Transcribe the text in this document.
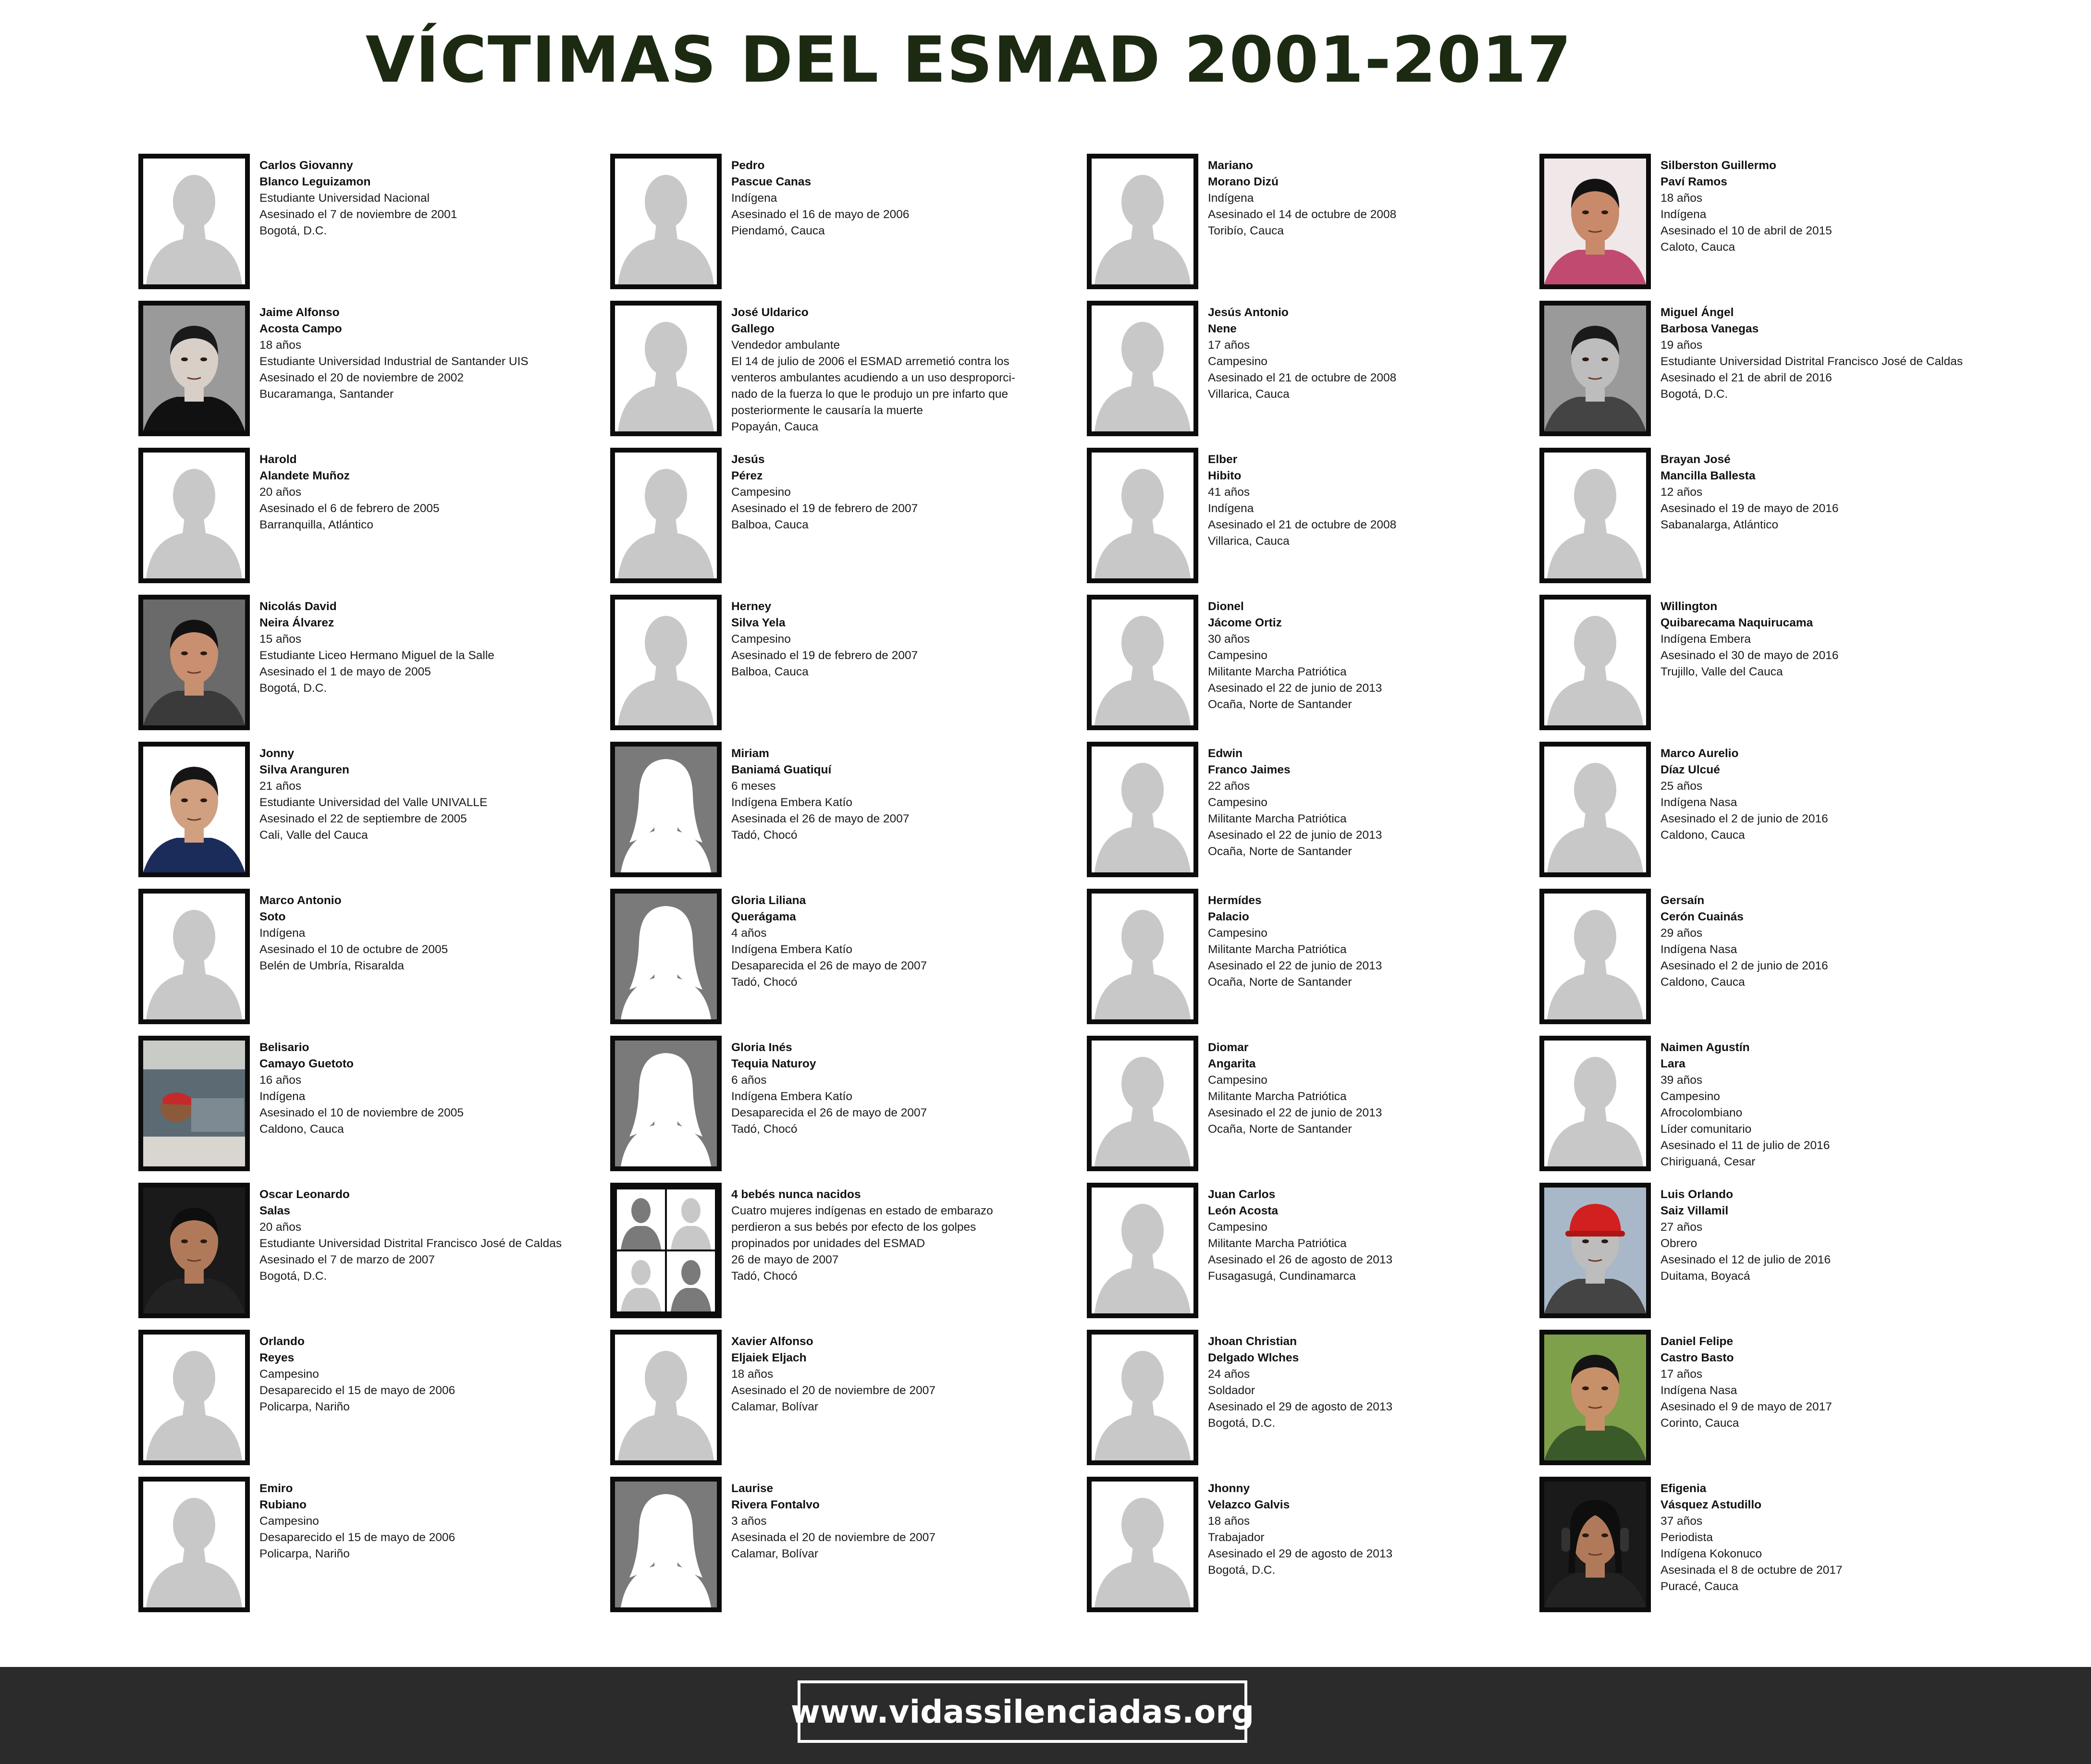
VÍCTIMAS DEL ESMAD 2001-2017
Carlos Giovanny
Blanco Leguizamon
Estudiante Universidad Nacional
Asesinado el 7 de noviembre de 2001
Bogotá, D.C.
Jaime Alfonso
Acosta Campo
18 años
Estudiante Universidad Industrial de Santander UIS
Asesinado el 20 de noviembre de 2002
Bucaramanga, Santander
Harold
Alandete Muñoz
20 años
Asesinado el 6 de febrero de 2005
Barranquilla, Atlántico
Nicolás David
Neira Álvarez
15 años
Estudiante Liceo Hermano Miguel de la Salle
Asesinado el 1 de mayo de 2005
Bogotá, D.C.
Jonny
Silva Aranguren
21 años
Estudiante Universidad del Valle UNIVALLE
Asesinado el 22 de septiembre de 2005
Cali, Valle del Cauca
Marco Antonio
Soto
Indígena
Asesinado el 10 de octubre de 2005
Belén de Umbría, Risaralda
Belisario
Camayo Guetoto
16 años
Indígena
Asesinado el 10 de noviembre de 2005
Caldono, Cauca
Oscar Leonardo
Salas
20 años
Estudiante Universidad Distrital Francisco José de Caldas
Asesinado el 7 de marzo de 2007
Bogotá, D.C.
Orlando
Reyes
Campesino
Desaparecido el 15 de mayo de 2006
Policarpa, Nariño
Emiro
Rubiano
Campesino
Desaparecido el 15 de mayo de 2006
Policarpa, Nariño
Pedro
Pascue Canas
Indígena
Asesinado el 16 de mayo de 2006
Piendamó, Cauca
José Uldarico
Gallego
Vendedor ambulante
El 14 de julio de 2006 el ESMAD arremetió contra los
venteros ambulantes acudiendo a un uso desproporci-
nado de la fuerza lo que le produjo un pre infarto que
posteriormente le causaría la muerte
Popayán, Cauca
Jesús
Pérez
Campesino
Asesinado el 19 de febrero de 2007
Balboa, Cauca
Herney
Silva Yela
Campesino
Asesinado el 19 de febrero de 2007
Balboa, Cauca
Miriam
Baniamá Guatiquí
6 meses
Indígena Embera Katío
Asesinada el 26 de mayo de 2007
Tadó, Chocó
Gloria Liliana
Querágama
4 años
Indígena Embera Katío
Desaparecida el 26 de mayo de 2007
Tadó, Chocó
Gloria Inés
Tequia Naturoy
6 años
Indígena Embera Katío
Desaparecida el 26 de mayo de 2007
Tadó, Chocó
4 bebés nunca nacidos
Cuatro mujeres indígenas en estado de embarazo
perdieron a sus bebés por efecto de los golpes
propinados por unidades del ESMAD
26 de mayo de 2007
Tadó, Chocó
Xavier Alfonso
Eljaiek Eljach
18 años
Asesinado el 20 de noviembre de 2007
Calamar, Bolívar
Laurise
Rivera Fontalvo
3 años
Asesinada el 20 de noviembre de 2007
Calamar, Bolívar
Mariano
Morano Dizú
Indígena
Asesinado el 14 de octubre de 2008
Toribío, Cauca
Jesús Antonio
Nene
17 años
Campesino
Asesinado el 21 de octubre de 2008
Villarica, Cauca
Elber
Hibito
41 años
Indígena
Asesinado el 21 de octubre de 2008
Villarica, Cauca
Dionel
Jácome Ortiz
30 años
Campesino
Militante Marcha Patriótica
Asesinado el 22 de junio de 2013
Ocaña, Norte de Santander
Edwin
Franco Jaimes
22 años
Campesino
Militante Marcha Patriótica
Asesinado el 22 de junio de 2013
Ocaña, Norte de Santander
Hermídes
Palacio
Campesino
Militante Marcha Patriótica
Asesinado el 22 de junio de 2013
Ocaña, Norte de Santander
Diomar
Angarita
Campesino
Militante Marcha Patriótica
Asesinado el 22 de junio de 2013
Ocaña, Norte de Santander
Juan Carlos
León Acosta
Campesino
Militante Marcha Patriótica
Asesinado el 26 de agosto de 2013
Fusagasugá, Cundinamarca
Jhoan Christian
Delgado Wlches
24 años
Soldador
Asesinado el 29 de agosto de 2013
Bogotá, D.C.
Jhonny
Velazco Galvis
18 años
Trabajador
Asesinado el 29 de agosto de 2013
Bogotá, D.C.
Silberston Guillermo
Paví Ramos
18 años
Indígena
Asesinado el 10 de abril de 2015
Caloto, Cauca
Miguel Ángel
Barbosa Vanegas
19 años
Estudiante Universidad Distrital Francisco José de Caldas
Asesinado el 21 de abril de 2016
Bogotá, D.C.
Brayan José
Mancilla Ballesta
12 años
Asesinado el 19 de mayo de 2016
Sabanalarga, Atlántico
Willington
Quibarecama Naquirucama
Indígena Embera
Asesinado el 30 de mayo de 2016
Trujillo, Valle del Cauca
Marco Aurelio
Díaz Ulcué
25 años
Indígena Nasa
Asesinado el 2 de junio de 2016
Caldono, Cauca
Gersaín
Cerón Cuainás
29 años
Indígena Nasa
Asesinado el 2 de junio de 2016
Caldono, Cauca
Naimen Agustín
Lara
39 años
Campesino
Afrocolombiano
Líder comunitario
Asesinado el 11 de julio de 2016
Chiriguaná, Cesar
Luis Orlando
Saiz Villamil
27 años
Obrero
Asesinado el 12 de julio de 2016
Duitama, Boyacá
Daniel Felipe
Castro Basto
17 años
Indígena Nasa
Asesinado el 9 de mayo de 2017
Corinto, Cauca
Efigenia
Vásquez Astudillo
37 años
Periodista
Indígena Kokonuco
Asesinada el 8 de octubre de 2017
Puracé, Cauca
www.vidassilenciadas.org
